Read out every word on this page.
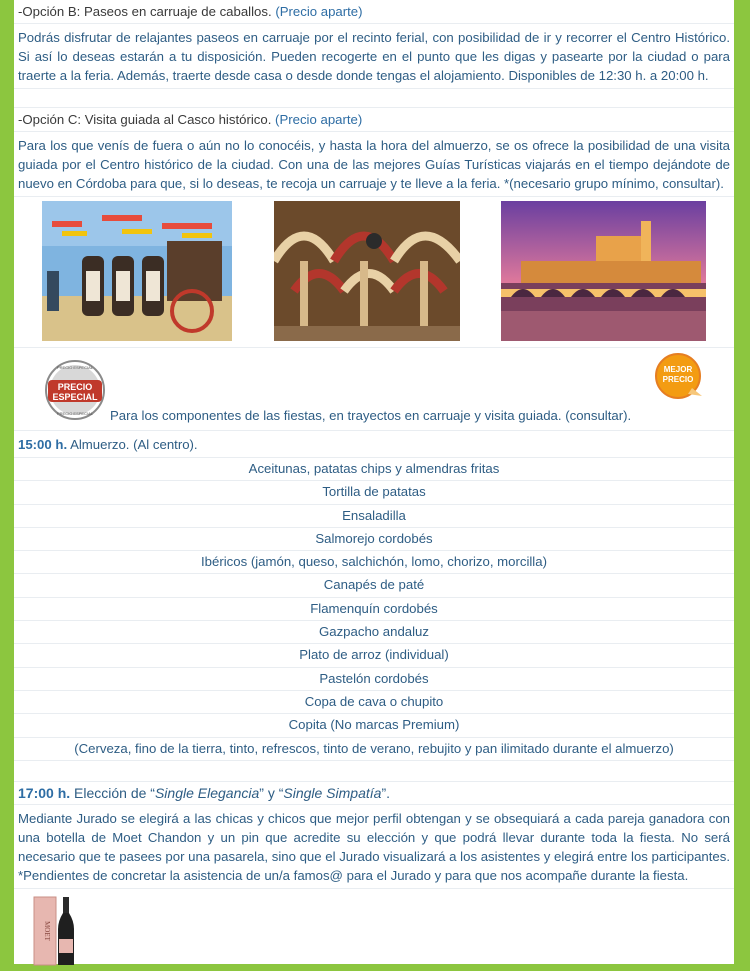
-Opción B: Paseos en carruaje de caballos. (Precio aparte)
Podrás disfrutar de relajantes paseos en carruaje por el recinto ferial, con posibilidad de ir y recorrer el Centro Histórico. Si así lo deseas estarán a tu disposición. Pueden recogerte en el punto que les digas y pasearte por la ciudad o para traerte a la feria. Además, traerte desde casa o desde donde tengas el alojamiento. Disponibles de 12:30 h. a 20:00 h.
-Opción C: Visita guiada al Casco histórico. (Precio aparte)
Para los que venís de fuera o aún no lo conocéis, y hasta la hora del almuerzo, se os ofrece la posibilidad de una visita guiada por el Centro histórico de la ciudad. Con una de las mejores Guías Turísticas viajarás en el tiempo dejándote de nuevo en Córdoba para que, si lo deseas, te recoja un carruaje y te lleve a la feria. *(necesario grupo mínimo, consultar).
PRECIO
ESPECIAL
PRECIO ESPECIAL
PRECIO ESPECIAL
MEJOR
PRECIO
Para los componentes de las fiestas, en trayectos en carruaje y visita guiada. (consultar).
15:00 h. Almuerzo. (Al centro).
Aceitunas, patatas chips y almendras fritas
Tortilla de patatas
Ensaladilla
Salmorejo cordobés
Ibéricos (jamón, queso, salchichón, lomo, chorizo, morcilla)
Canapés de paté
Flamenquín cordobés
Gazpacho andaluz
Plato de arroz (individual)
Pastelón cordobés
Copa de cava o chupito
Copita (No marcas Premium)
(Cerveza, fino de la tierra, tinto, refrescos, tinto de verano, rebujito y pan ilimitado durante el almuerzo)
17:00 h. Elección de “Single Elegancia” y “Single Simpatía”.
Mediante Jurado se elegirá a las chicas y chicos que mejor perfil obtengan y se obsequiará a cada pareja ganadora con una botella de Moet Chandon y un pin que acredite su elección y que podrá llevar durante toda la fiesta. No será necesario que te pasees por una pasarela, sino que el Jurado visualizará a los asistentes y elegirá entre los participantes. *Pendientes de concretar la asistencia de un/a famos@ para el Jurado y para que nos acompañe durante la fiesta.
MOET
